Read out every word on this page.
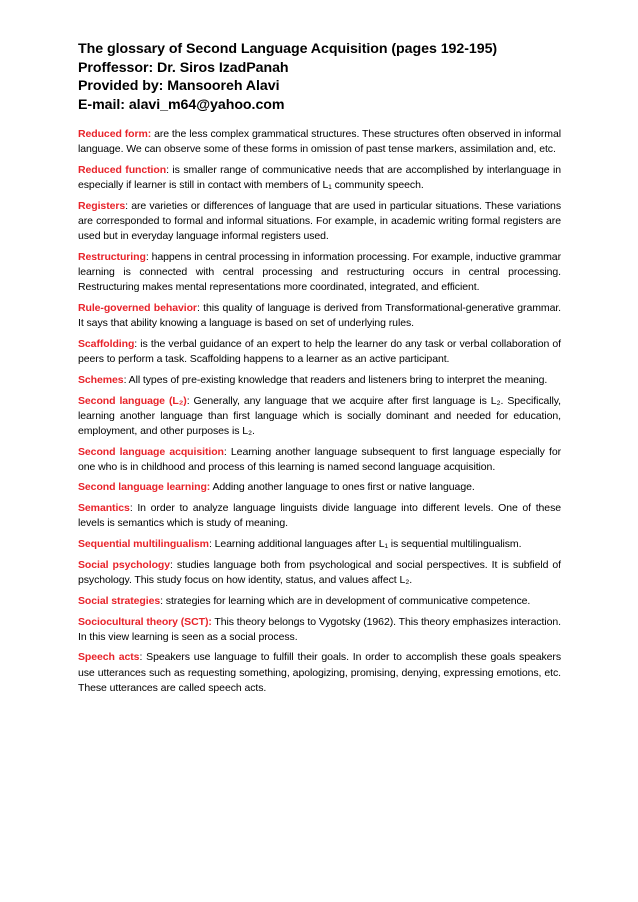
The glossary of Second Language Acquisition (pages 192-195)
Proffessor: Dr. Siros IzadPanah
Provided by: Mansooreh Alavi
E-mail: alavi_m64@yahoo.com

Reduced form: are the less complex grammatical structures. These structures often observed in informal language. We can observe some of these forms in omission of past tense markers, assimilation and, etc.

Reduced function: is smaller range of communicative needs that are accomplished by interlanguage in especially if learner is still in contact with members of L₁ community speech.

Registers: are varieties or differences of language that are used in particular situations. These variations are corresponded to formal and informal situations. For example, in academic writing formal registers are used but in everyday language informal registers used.

Restructuring: happens in central processing in information processing. For example, inductive grammar learning is connected with central processing and restructuring occurs in central processing. Restructuring makes mental representations more coordinated, integrated, and efficient.

Rule-governed behavior: this quality of language is derived from Transformational-generative grammar. It says that ability knowing a language is based on set of underlying rules.

Scaffolding: is the verbal guidance of an expert to help the learner do any task or verbal collaboration of peers to perform a task. Scaffolding happens to a learner as an active participant.

Schemes: All types of pre-existing knowledge that readers and listeners bring to interpret the meaning.

Second language (L₂): Generally, any language that we acquire after first language is L₂. Specifically, learning another language than first language which is socially dominant and needed for education, employment, and other purposes is L₂.

Second language acquisition: Learning another language subsequent to first language especially for one who is in childhood and process of this learning is named second language acquisition.

Second language learning: Adding another language to ones first or native language.

Semantics: In order to analyze language linguists divide language into different levels. One of these levels is semantics which is study of meaning.

Sequential multilingualism: Learning additional languages after L₁ is sequential multilingualism.

Social psychology: studies language both from psychological and social perspectives. It is subfield of psychology. This study focus on how identity, status, and values affect L₂.

Social strategies: strategies for learning which are in development of communicative competence.

Sociocultural theory (SCT): This theory belongs to Vygotsky (1962). This theory emphasizes interaction. In this view learning is seen as a social process.

Speech acts: Speakers use language to fulfill their goals. In order to accomplish these goals speakers use utterances such as requesting something, apologizing, promising, denying, expressing emotions, etc. These utterances are called speech acts.
